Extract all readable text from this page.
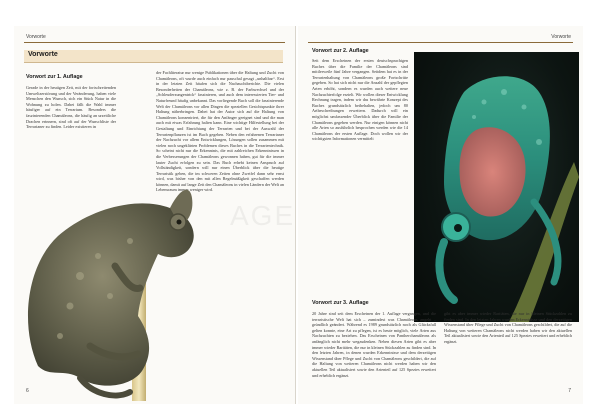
Vorworte
Vorworte
Vorwort zur 1. Auflage
Gerade in der heutigen Zeit, mit der fortschreitenden Umweltzerstörung und der Veränderung, haben viele Menschen den Wunsch, sich ein Stück Natur in die Wohnung zu holen. Dabei fällt die Wahl immer häufiger auf ein Terrarium. Besonders die faszinierenden Chamäleons, die häufig an urzeitliche Drachen erinnern, sind oft auf der Wunschliste der Terrarianer zu finden. Leider existieren in
der Fachliteratur nur wenige Publikationen über die Haltung und Zucht von Chamäleons, oft wurde auch einfach nur pauschal gesagt „unhaltbar“. Erst in der letzten Zeit häufen sich die Nachzuchtberichte. Die vielen Besonderheiten der Chamäleons, wie z. B. der Farbwechsel und der „Schleuderzungentrick“ faszinieren, und auch dem interessierten Tier- und Naturfreund häufig unbekannt. Das vorliegende Buch soll die faszinierende Welt der Chamäleons vor allen Dingen die speziellen Gesichtspunkte ihrer Haltung näherbringen. Dabei hat der Autor sich auf die Haltung von Chamäleons konzentriert, die für den Anfänger geeignet sind und die man auch mit etwas Erfahrung halten kann. Eine wichtige Hilfestellung bei der Gestaltung und Einrichtung der Terrarien und bei der Auswahl der Terrarienpflanzen ist im Buch gegeben. Neben den erfahrenen Terrarianer der Nachzucht vor allem Entwicklungen, Lösungen sollen zusammen mit vielen noch ungeklärten Problemen dieses Buches in die Terrarientechnik. So scheint nicht nur die Erkenntnis, die mit zahlreichen Erkenntnissen in die Verbesserungen der Chamäleons gewonnen haben, gut für die immer lauter Zucht erfolgen zu sein. Das Buch erhebt keinen Anspruch auf Vollständigkeit, sondern will nur einen Überblick über die heutige Terraristik geben, die im schweren Zeiten ohne Zweifel dann sehr ernst wird, was bisher von den mit allen Regelmäßigkeit geschaffen werden können, damit auf lange Zeit den Chamäleons in vielen Ländern der Welt an Lebensraum immer weniger wird.
6
Vorworte
Vorwort zur 2. Auflage
Seit dem Erscheinen der ersten deutschsprachigen Buches über die Familie der Chamäleons sind mittlerweile fünf Jahre vergangen. Seitdem hat es in der Terrarienhaltung von Chamäleons große Fortschritte gegeben. So hat sich nicht nur die Anzahl der gepflegten Arten erhöht, sondern es wurden auch weitere neue Nachzuchterfolge erzielt. Wir wollen dieser Entwicklung Rechnung tragen, indem wir das bewährte Konzept des Buches grundsätzlich beibehalten, jedoch um 80 Artbeschreibungen erweitern. Dadurch will ein möglichst umfassender Überblick über die Familie der Chamäleons gegeben werden. Nur einigen können nicht alle Arten so ausführlich besprochen werden wie die 14 Chamäleons der ersten Auflage. Doch wollen wir der wichtigsten Informationen vermittelt
Vorwort zur 3. Auflage
20 Jahre sind seit dem Erscheinen der 1. Auflage vergangen, und die terraristische Welt hat sich – zumindest was Chamäleons angeht – gründlich geändert. Während es 1989 grundsätzlich noch als Glücksfall gelten konnte, eine Art zu pflegen, ist es heute möglich, viele Arten aus Nachzuchten zu beziehen. Das Erscheinen von Pantherchamäleons als anfänglich nicht mehr wegzudenken. Neben diesen Arten gibt es aber immer wieder Raritäten, die nur in kleinen Stückzahlen zu finden sind. In den letzten Jahren, in denen wurden Erkenntnisse und dem derzeitigen Wissenstand über Pflege und Zucht von Chamäleons geschildert, die auf die Haltung von weiteren Chamäleons nicht werden haben wir den aktuellen Teil aktualisiert sowie den Artenteil auf 125 Spezies erweitert und erheblich ergänzt.
gibt es aber immer wieder Raritäten, die nur in kleinen Stückzahlen zu finden sind. In den letzten Jahren wurden Erkenntnisse und den derzeitigen Wissenstand über Pflege und Zucht von Chamäleons geschildert, die auf die Haltung von weiteren Chamäleons nicht werden haben wir den aktuellen Teil aktualisiert sowie den Artenteil auf 125 Spezies erweitert und erheblich ergänzt.
7
AGE
